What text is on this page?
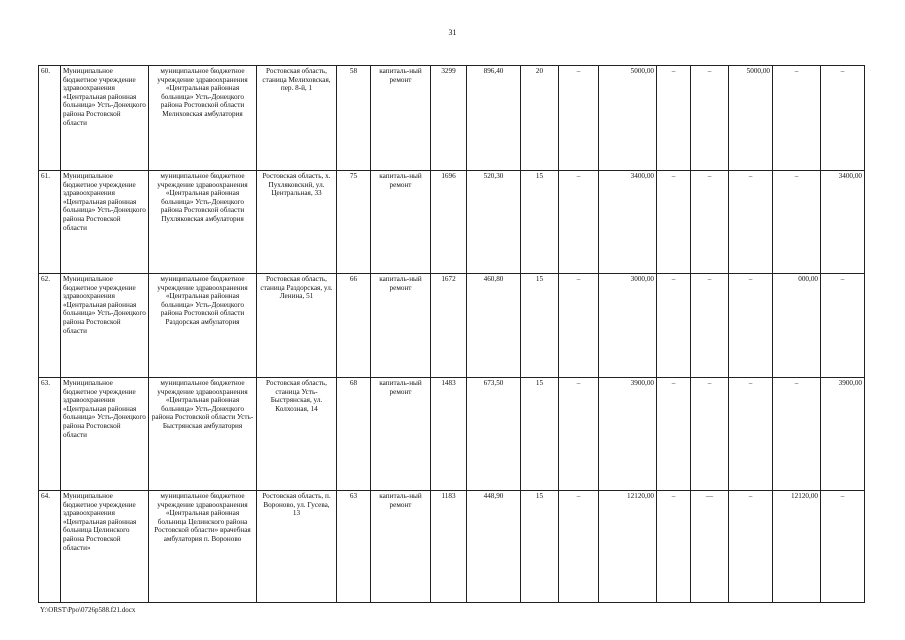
31
60.	Муниципальное бюджетное учреждение здравоохранения «Центральная районная больница» Усть-Донецкого района Ростовской области	муниципальное бюджетное учреждение здравоохранения «Центральная районная больница» Усть-Донецкого района Ростовской области Мелиховская амбулатория	Ростовская область, станица Мелиховская, пер. 8-й, 1	58	капиталь-ный ремонт	3299	896,40	20	–	5000,00	–	–	5000,00	–	–
61.	Муниципальное бюджетное учреждение здравоохранения «Центральная районная больница» Усть-Донецкого района Ростовской области	муниципальное бюджетное учреждение здравоохранения «Центральная районная больница» Усть-Донецкого района Ростовской области Пухляковская амбулатория	Ростовская область, х. Пухляковский, ул. Центральная, 33	75	капиталь-ный ремонт	1696	520,30	15	–	3400,00	–	–	–	–	3400,00
62.	Муниципальное бюджетное учреждение здравоохранения «Центральная районная больница» Усть-Донецкого района Ростовской области	муниципальное бюджетное учреждение здравоохранения «Центральная районная больница» Усть-Донецкого района Ростовской области Раздорская амбулатория	Ростовская область, станица Раздорская, ул. Ленина, 51	66	капиталь-ный ремонт	1672	460,80	15	–	3000,00	–	–	–	000,00	–
63.	Муниципальное бюджетное учреждение здравоохранения «Центральная районная больница» Усть-Донецкого района Ростовской области	муниципальное бюджетное учреждение здравоохранения «Центральная районная больница» Усть-Донецкого района Ростовской области Усть-Быстрянская амбулатория	Ростовская область, станица Усть-Быстрянская, ул. Колхозная, 14	68	капиталь-ный ремонт	1483	673,50	15	–	3900,00	–	–	–	–	3900,00
64.	Муниципальное бюджетное учреждение здравоохранения «Центральная районная больница Целинского района Ростовской области»	муниципальное бюджетное учреждение здравоохранения «Центральная районная больница Целинского района Ростовской области» врачебная амбулатория п. Вороново	Ростовская область, п. Вороново, ул. Гусева, 13	63	капиталь-ный ремонт	1183	448,90	15	–	12120,00	–	—	–	12120,00	–
Y:\ORST\Ppo\0726p588.f21.docx
